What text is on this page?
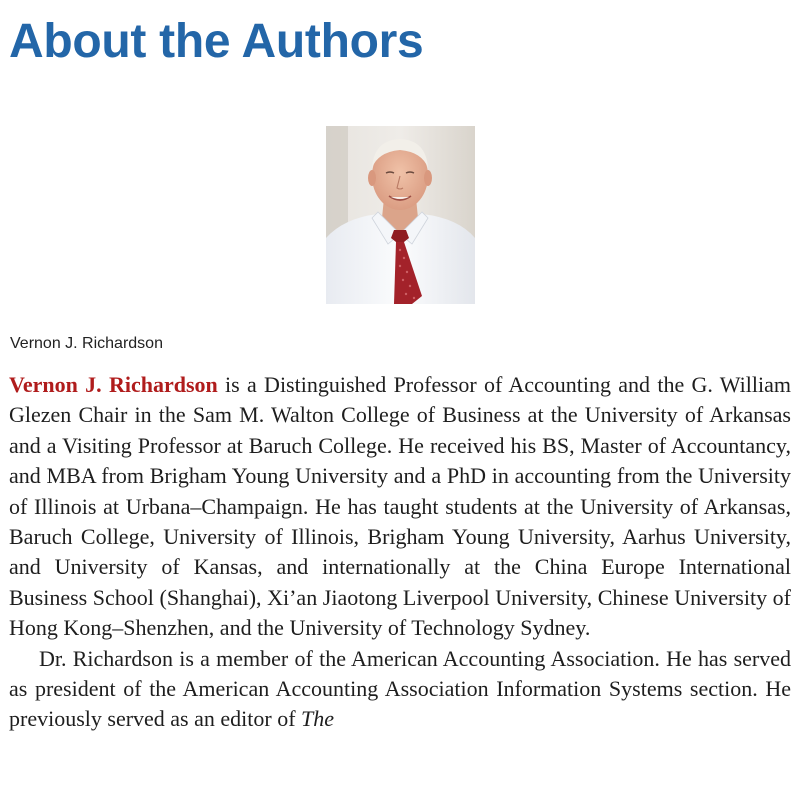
About the Authors
Vernon J. Richardson

Vernon J. Richardson is a Distinguished Professor of Accounting and the G. William Glezen Chair in the Sam M. Walton College of Business at the University of Arkansas and a Visiting Professor at Baruch College. He received his BS, Master of Accountancy, and MBA from Brigham Young University and a PhD in accounting from the University of Illinois at Urbana–Champaign. He has taught students at the University of Arkansas, Baruch College, University of Illinois, Brigham Young University, Aarhus University, and University of Kansas, and internationally at the China Europe International Business School (Shanghai), Xi’an Jiaotong Liverpool University, Chinese University of Hong Kong–Shenzhen, and the University of Technology Sydney.

Dr. Richardson is a member of the American Accounting Association. He has served as president of the American Accounting Association Information Systems section. He previously served as an editor of The
